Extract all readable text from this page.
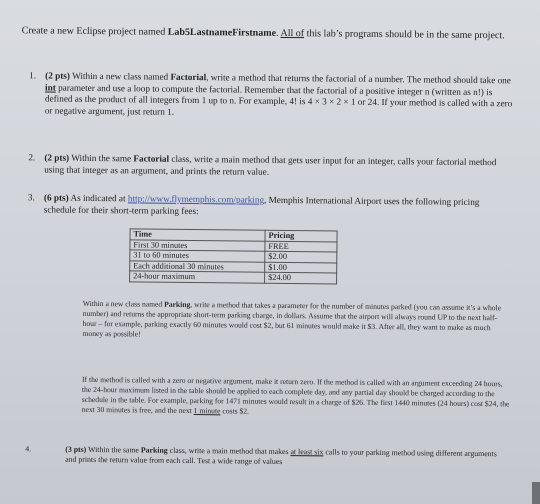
Create a new Eclipse project named Lab5LastnameFirstname. All of this lab’s programs should be in the same project.
1. (2 pts) Within a new class named Factorial, write a method that returns the factorial of a number. The method should take one int parameter and use a loop to compute the factorial. Remember that the factorial of a positive integer n (written as n!) is defined as the product of all integers from 1 up to n. For example, 4! is 4 × 3 × 2 × 1 or 24. If your method is called with a zero or negative argument, just return 1.
2. (2 pts) Within the same Factorial class, write a main method that gets user input for an integer, calls your factorial method using that integer as an argument, and prints the return value.
3. (6 pts) As indicated at http://www.flymemphis.com/parking, Memphis International Airport uses the following pricing schedule for their short-term parking fees:
Time	Pricing
First 30 minutes	FREE
31 to 60 minutes	$2.00
Each additional 30 minutes	$1.00
24-hour maximum	$24.00
Within a new class named Parking, write a method that takes a parameter for the number of minutes parked (you can assume it’s a whole number) and returns the appropriate short-term parking charge, in dollars. Assume that the airport will always round UP to the next half-hour – for example, parking exactly 60 minutes would cost $2, but 61 minutes would make it $3. After all, they want to make as much money as possible!
If the method is called with a zero or negative argument, make it return zero. If the method is called with an argument exceeding 24 hours, the 24-hour maximum listed in the table should be applied to each complete day, and any partial day should be charged according to the schedule in the table. For example, parking for 1471 minutes would result in a charge of $26. The first 1440 minutes (24 hours) cost $24, the next 30 minutes is free, and the next 1 minute costs $2.
4.	(3 pts) Within the same Parking class, write a main method that makes at least six calls to your parking method using different arguments and prints the return value from each call. Test a wide range of values
